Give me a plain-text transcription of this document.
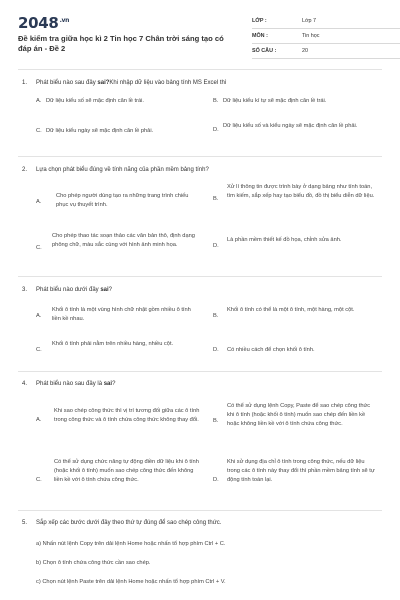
$2048^{.vn}$
Đề kiểm tra giữa học kì 2 Tin học 7 Chân trời sáng tạo có đáp án - Đề 2
LỚP :	Lớp 7
MÔN :	Tin học
SỐ CÂU :	20
1. Phát biểu nào sau đây sai?Khi nhập dữ liệu vào bảng tính MS Excel thì
A. Dữ liệu kiểu số sẽ mặc định căn lề trái.	B. Dữ liệu kiểu kí tự sẽ mặc định căn lề trái.
C. Dữ liệu kiểu ngày sẽ mặc định căn lề phải.	D.
Dữ liệu kiểu số và kiểu ngày sẽ mặc định căn lề phải.
2. Lựa chọn phát biểu đúng về tính năng của phần mềm bảng tính?
A.
Cho phép người dùng tạo ra những trang trình chiếu phục vụ thuyết trình.
B.
Xử lí thông tin được trình bày ở dạng bảng như tính toán, tìm kiếm, sắp xếp hay tạo biểu đồ, đồ thị biểu diễn dữ liệu.
C.
Cho phép thao tác soạn thảo các văn bản thô, định dạng phông chữ, màu sắc cùng với hình ảnh minh họa.	D.
Là phần mềm thiết kế đồ họa, chỉnh sửa ảnh.
3. Phát biểu nào dưới đây sai?
A.
Khối ô tính là một vùng hình chữ nhật gồm nhiều ô tính liền kề nhau.
B.
Khối ô tính có thể là một ô tính, một hàng, một cột.
C.
Khối ô tính phải nằm trên nhiều hàng, nhiều cột.
D. Có nhiều cách để chọn khối ô tính.
4. Phát biểu nào sau đây là sai?
A.
Khi sao chép công thức thì vị trí tương đối giữa các ô tính trong công thức và ô tính chứa công thức không thay đổi.	B.
Có thể sử dụng lệnh Copy, Paste để sao chép công thức khi ô tính (hoặc khối ô tính) muốn sao chép đến liền kề hoặc không liền kề với ô tính chứa công thức.
C.
Có thể sử dụng chức năng tự động điền dữ liệu khi ô tính (hoặc khối ô tính) muốn sao chép công thức đến không liền kề với ô tính chứa công thức.	D.
Khi sử dụng địa chỉ ô tính trong công thức, nếu dữ liệu trong các ô tính này thay đổi thì phần mềm bảng tính sẽ tự động tính toán lại.
5. Sắp xếp các bước dưới đây theo thứ tự đúng để sao chép công thức.
a) Nhấn nút lệnh Copy trên dải lệnh Home hoặc nhấn tổ hợp phím Ctrl + C.
b) Chọn ô tính chứa công thức cần sao chép.
c) Chọn nút lệnh Paste trên dải lệnh Home hoặc nhấn tổ hợp phím Ctrl + V.
